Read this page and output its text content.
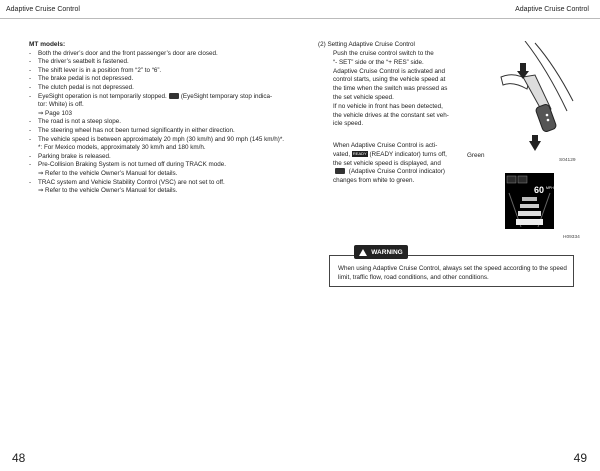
Adaptive Cruise Control	Adaptive Cruise Control
MT models:
-	Both the driver’s door and the front passenger’s door are closed.
-	The driver’s seatbelt is fastened.
-	The shift lever is in a position from “2” to “6”.
-	The brake pedal is not depressed.
-	The clutch pedal is not depressed.
-	EyeSight operation is not temporarily stopped. (EyeSight temporary stop indica-
tor: White) is off.
⇒ Page 103
-	The road is not a steep slope.
-	The steering wheel has not been turned significantly in either direction.
-	The vehicle speed is between approximately 20 mph (30 km/h) and 90 mph (145 km/h)*.
*: For Mexico models, approximately 30 km/h and 180 km/h.
-	Parking brake is released.
-	Pre-Collision Braking System is not turned off during TRACK mode.
⇒ Refer to the vehicle Owner’s Manual for details.
-	TRAC system and Vehicle Stability Control (VSC) are not set to off.
⇒ Refer to the vehicle Owner’s Manual for details.
(2) Setting Adaptive Cruise Control
Push the cruise control switch to the
“- SET” side or the “+ RES” side.
Adaptive Cruise Control is activated and
control starts, using the vehicle speed at
the time when the switch was pressed as
the set vehicle speed.
If no vehicle in front has been detected,
the vehicle drives at the constant set veh-
icle speed.
When Adaptive Cruise Control is acti-
vated, READY (READY indicator) turns off,
the set vehicle speed is displayed, and
(Adaptive Cruise Control indicator)
changes from white to green.
S04129
Green
60 MPH
H09334
WARNING
When using Adaptive Cruise Control, always set the speed according to the speed limit, traffic flow, road conditions, and other conditions.
48	49
